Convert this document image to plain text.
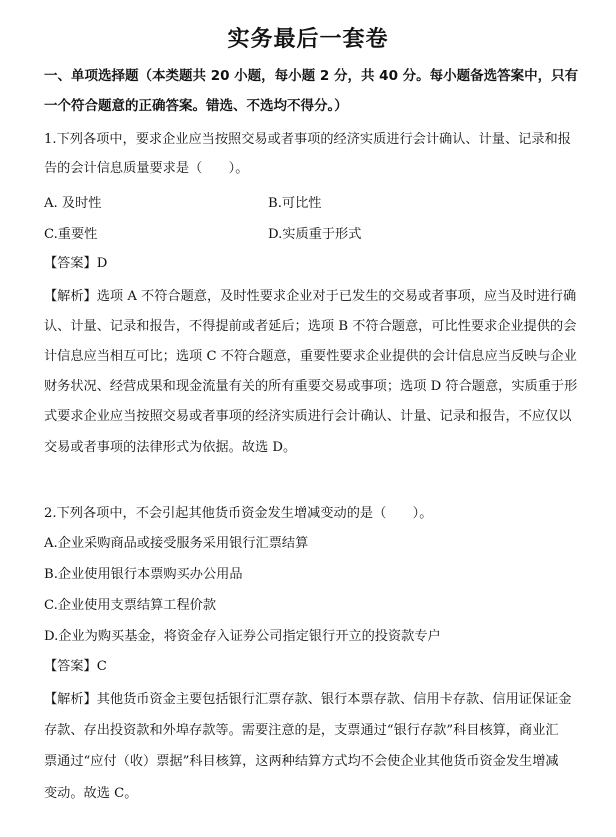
实务最后一套卷
一、单项选择题（本类题共 20 小题，每小题 2 分，共 40 分。每小题备选答案中，只有
一个符合题意的正确答案。错选、不选均不得分。）
1.下列各项中，要求企业应当按照交易或者事项的经济实质进行会计确认、计量、记录和报
告的会计信息质量要求是（　　）。
A. 及时性	B.可比性
C.重要性	D.实质重于形式
【答案】D
【解析】选项 A 不符合题意，及时性要求企业对于已发生的交易或者事项，应当及时进行确
认、计量、记录和报告，不得提前或者延后；选项 B 不符合题意，可比性要求企业提供的会
计信息应当相互可比；选项 C 不符合题意，重要性要求企业提供的会计信息应当反映与企业
财务状况、经营成果和现金流量有关的所有重要交易或事项；选项 D 符合题意，实质重于形
式要求企业应当按照交易或者事项的经济实质进行会计确认、计量、记录和报告，不应仅以
交易或者事项的法律形式为依据。故选 D。
2.下列各项中，不会引起其他货币资金发生增减变动的是（　　）。
A.企业采购商品或接受服务采用银行汇票结算
B.企业使用银行本票购买办公用品
C.企业使用支票结算工程价款
D.企业为购买基金，将资金存入证券公司指定银行开立的投资款专户
【答案】C
【解析】其他货币资金主要包括银行汇票存款、银行本票存款、信用卡存款、信用证保证金
存款、存出投资款和外埠存款等。需要注意的是，支票通过“银行存款”科目核算，商业汇
票通过“应付（收）票据”科目核算，这两种结算方式均不会使企业其他货币资金发生增减
变动。故选 C。
